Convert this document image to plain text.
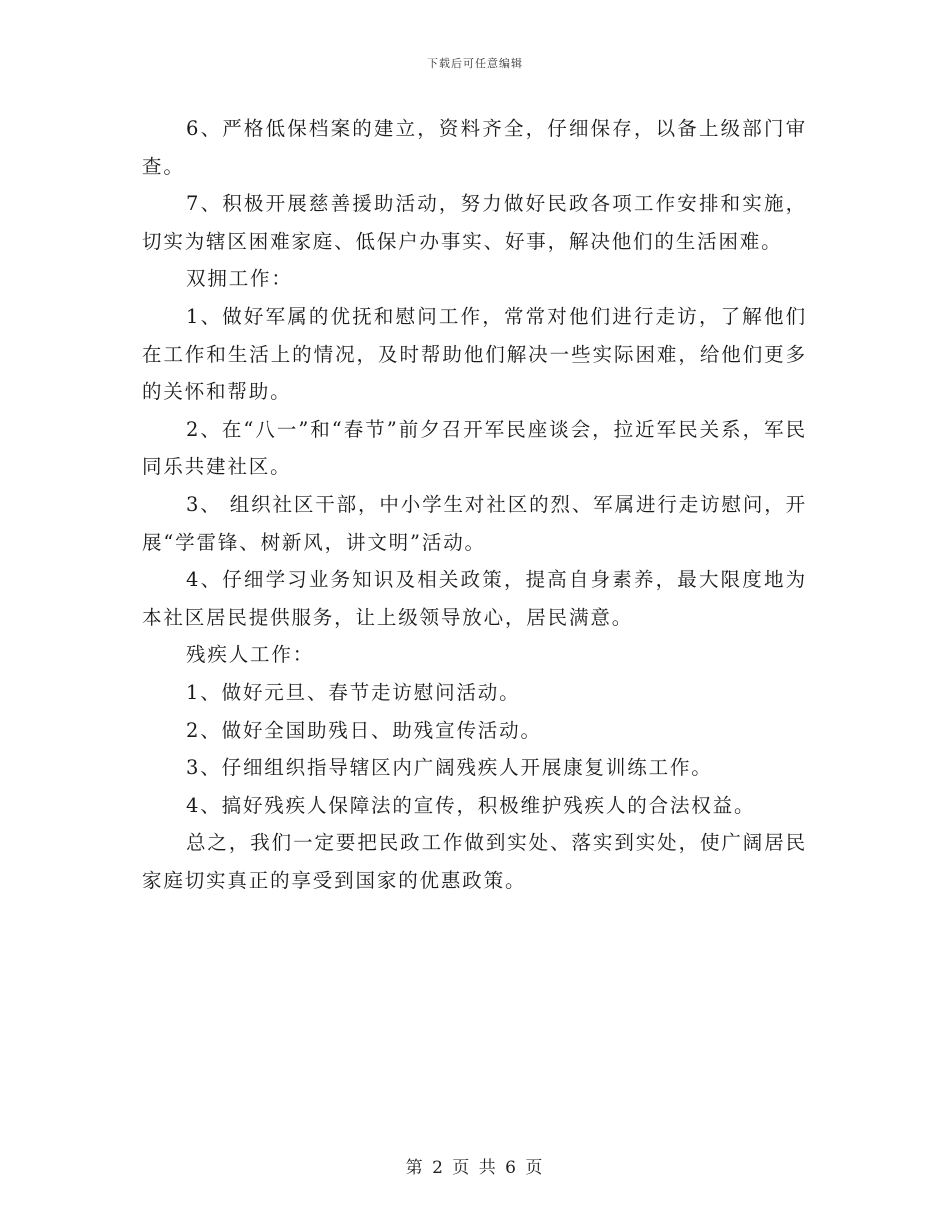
下载后可任意编辑

6、严格低保档案的建立，资料齐全，仔细保存，以备上级部门审查。

7、积极开展慈善援助活动，努力做好民政各项工作安排和实施，切实为辖区困难家庭、低保户办事实、好事，解决他们的生活困难。

双拥工作：

1、做好军属的优抚和慰问工作，常常对他们进行走访，了解他们在工作和生活上的情况，及时帮助他们解决一些实际困难，给他们更多的关怀和帮助。

2、在“八一”和“春节”前夕召开军民座谈会，拉近军民关系，军民同乐共建社区。

3、 组织社区干部，中小学生对社区的烈、军属进行走访慰问，开展“学雷锋、树新风，讲文明”活动。

4、仔细学习业务知识及相关政策，提高自身素养，最大限度地为本社区居民提供服务，让上级领导放心，居民满意。

残疾人工作：

1、做好元旦、春节走访慰问活动。

2、做好全国助残日、助残宣传活动。

3、仔细组织指导辖区内广阔残疾人开展康复训练工作。

4、搞好残疾人保障法的宣传，积极维护残疾人的合法权益。

总之，我们一定要把民政工作做到实处、落实到实处，使广阔居民家庭切实真正的享受到国家的优惠政策。

第 2 页 共 6 页
